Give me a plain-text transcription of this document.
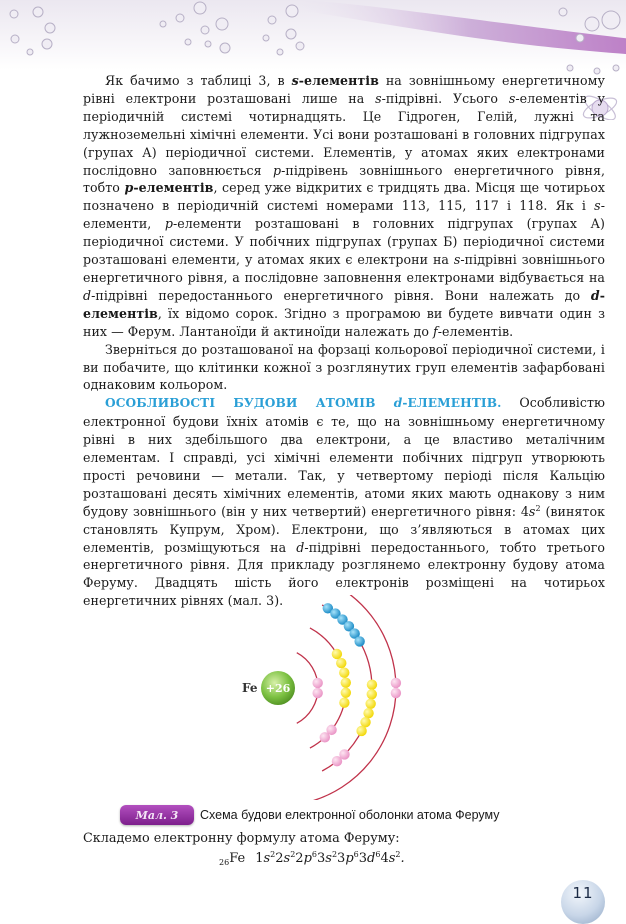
Як бачимо з таблиці 3, в s-елементів на зовнішньому енергетичному рівні електрони розташовані лише на s-підрівні. Усього s-елементів у періодичній системі чотирнадцять. Це Гідроген, Гелій, лужні та лужноземельні хімічні елементи. Усі вони розташовані в головних підгрупах (групах А) періодичної системи. Елементів, у атомах яких електронами послідовно заповнюється p-підрівень зовнішнього енергетичного рівня, тобто p-елементів, серед уже відкритих є тридцять два. Місця ще чотирьох позначено в періодичній системі номерами 113, 115, 117 і 118. Як і s-елементи, p-елементи розташовані в головних підгрупах (групах А) періодичної системи. У побічних підгрупах (групах Б) періодичної системи розташовані елементи, у атомах яких є електрони на s-підрівні зовнішнього енергетичного рівня, а послідовне заповнення електронами відбувається на d-підрівні передостаннього енергетичного рівня. Вони належать до d-елементів, їх відомо сорок. Згідно з програмою ви будете вивчати один з них — Ферум. Лантаноїди й актиноїди належать до f-елементів.

Зверніться до розташованої на форзаці кольорової періодичної системи, і ви побачите, що клітинки кожної з розглянутих груп елементів зафарбовані однаковим кольором.

ОСОБЛИВОСТІ БУДОВИ АТОМІВ d-ЕЛЕМЕНТІВ. Особливістю електронної будови їхніх атомів є те, що на зовнішньому енергетичному рівні в них здебільшого два електрони, а це властиво металічним елементам. І справді, усі хімічні елементи побічних підгруп утворюють прості речовини — метали. Так, у четвертому періоді після Кальцію розташовані десять хімічних елементів, атоми яких мають однакову з ним будову зовнішнього (він у них четвертий) енергетичного рівня: $4s^2$ (виняток становлять Купрум, Хром). Електрони, що з’являються в атомах цих елементів, розміщуються на d-підрівні передостаннього, тобто третього енергетичного рівня. Для прикладу розглянемо електронну будову атома Феруму. Двадцять шість його електронів розміщені на чотирьох енергетичних рівнях (мал. 3).

Fe +26
Мал. 3	Схема будови електронної оболонки атома Феруму
Складемо електронну формулу атома Феруму:
$_{26}$Fe $1s^22s^22p^63s^23p^63d^64s^2$.
11
